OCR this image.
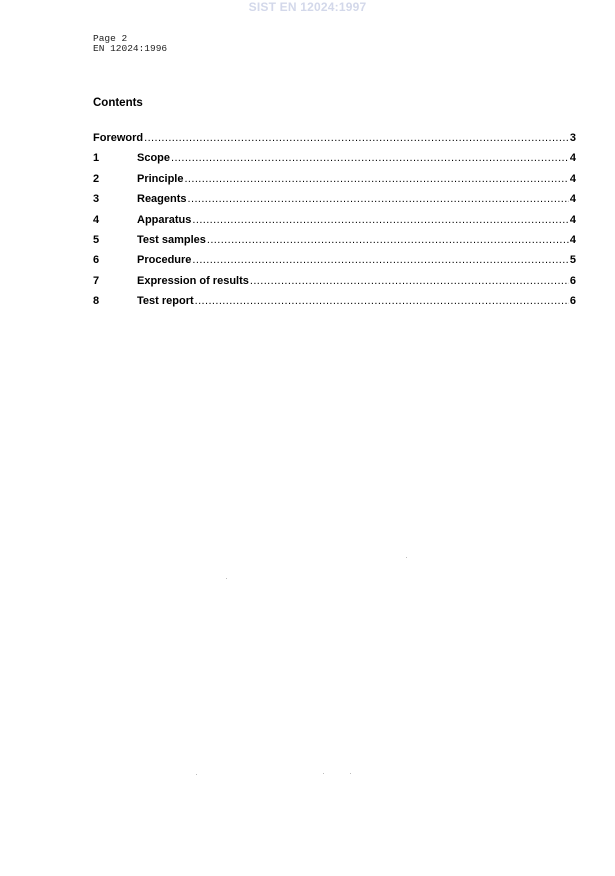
SIST EN 12024:1997
Page 2
EN 12024:1996
Contents
Foreword .....	3
1	Scope .....	4
2	Principle .....	4
3	Reagents .....	4
4	Apparatus .....	4
5	Test samples .....	4
6	Procedure .....	5
7	Expression of results .....	6
8	Test report .....	6
